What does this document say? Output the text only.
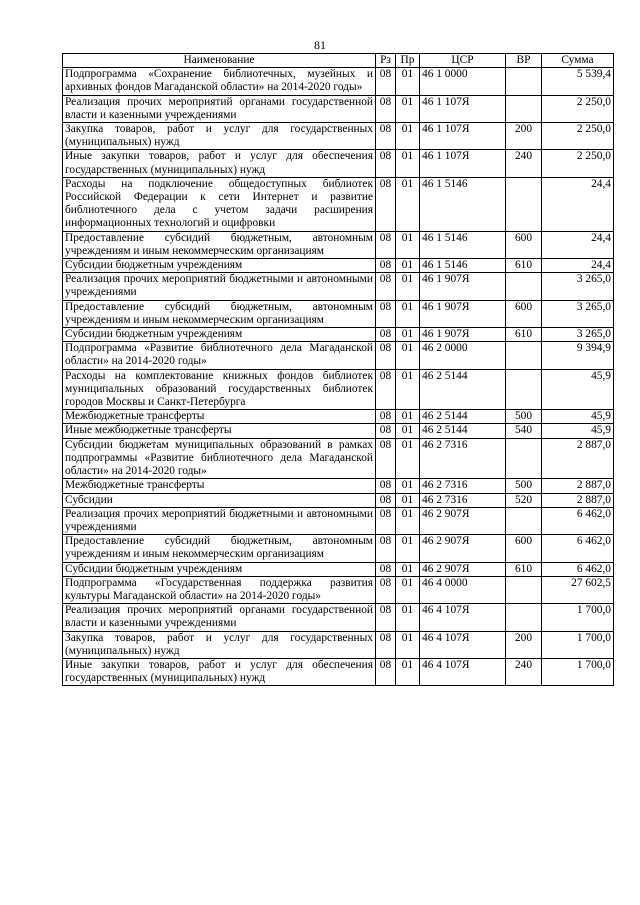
81
Наименование	Рз	Пр	ЦСР	ВР	Сумма
Подпрограмма «Сохранение библиотечных, музейных и архивных фондов Магаданской области» на 2014-2020 годы»	08	01	46 1 0000		5 539,4
Реализация прочих мероприятий органами государственной власти и казенными учреждениями	08	01	46 1 107Я		2 250,0
Закупка товаров, работ и услуг для государственных (муниципальных) нужд	08	01	46 1 107Я	200	2 250,0
Иные закупки товаров, работ и услуг для обеспечения государственных (муниципальных) нужд	08	01	46 1 107Я	240	2 250,0
Расходы на подключение общедоступных библиотек Российской Федерации к сети Интернет и развитие библиотечного дела с учетом задачи расширения информационных технологий и оцифровки	08	01	46 1 5146		24,4
Предоставление субсидий бюджетным, автономным учреждениям и иным некоммерческим организациям	08	01	46 1 5146	600	24,4
Субсидии бюджетным учреждениям	08	01	46 1 5146	610	24,4
Реализация прочих мероприятий бюджетными и автономными учреждениями	08	01	46 1 907Я		3 265,0
Предоставление субсидий бюджетным, автономным учреждениям и иным некоммерческим организациям	08	01	46 1 907Я	600	3 265,0
Субсидии бюджетным учреждениям	08	01	46 1 907Я	610	3 265,0
Подпрограмма «Развитие библиотечного дела Магаданской области» на 2014-2020 годы»	08	01	46 2 0000		9 394,9
Расходы на комплектование книжных фондов библиотек муниципальных образований государственных библиотек городов Москвы и Санкт-Петербурга	08	01	46 2 5144		45,9
Межбюджетные трансферты	08	01	46 2 5144	500	45,9
Иные межбюджетные трансферты	08	01	46 2 5144	540	45,9
Субсидии бюджетам муниципальных образований в рамках подпрограммы «Развитие библиотечного дела Магаданской области» на 2014-2020 годы»	08	01	46 2 7316		2 887,0
Межбюджетные трансферты	08	01	46 2 7316	500	2 887,0
Субсидии	08	01	46 2 7316	520	2 887,0
Реализация прочих мероприятий бюджетными и автономными учреждениями	08	01	46 2 907Я		6 462,0
Предоставление субсидий бюджетным, автономным учреждениям и иным некоммерческим организациям	08	01	46 2 907Я	600	6 462,0
Субсидии бюджетным учреждениям	08	01	46 2 907Я	610	6 462,0
Подпрограмма «Государственная поддержка развития культуры Магаданской области» на 2014-2020 годы»	08	01	46 4 0000		27 602,5
Реализация прочих мероприятий органами государственной власти и казенными учреждениями	08	01	46 4 107Я		1 700,0
Закупка товаров, работ и услуг для государственных (муниципальных) нужд	08	01	46 4 107Я	200	1 700,0
Иные закупки товаров, работ и услуг для обеспечения государственных (муниципальных) нужд	08	01	46 4 107Я	240	1 700,0
